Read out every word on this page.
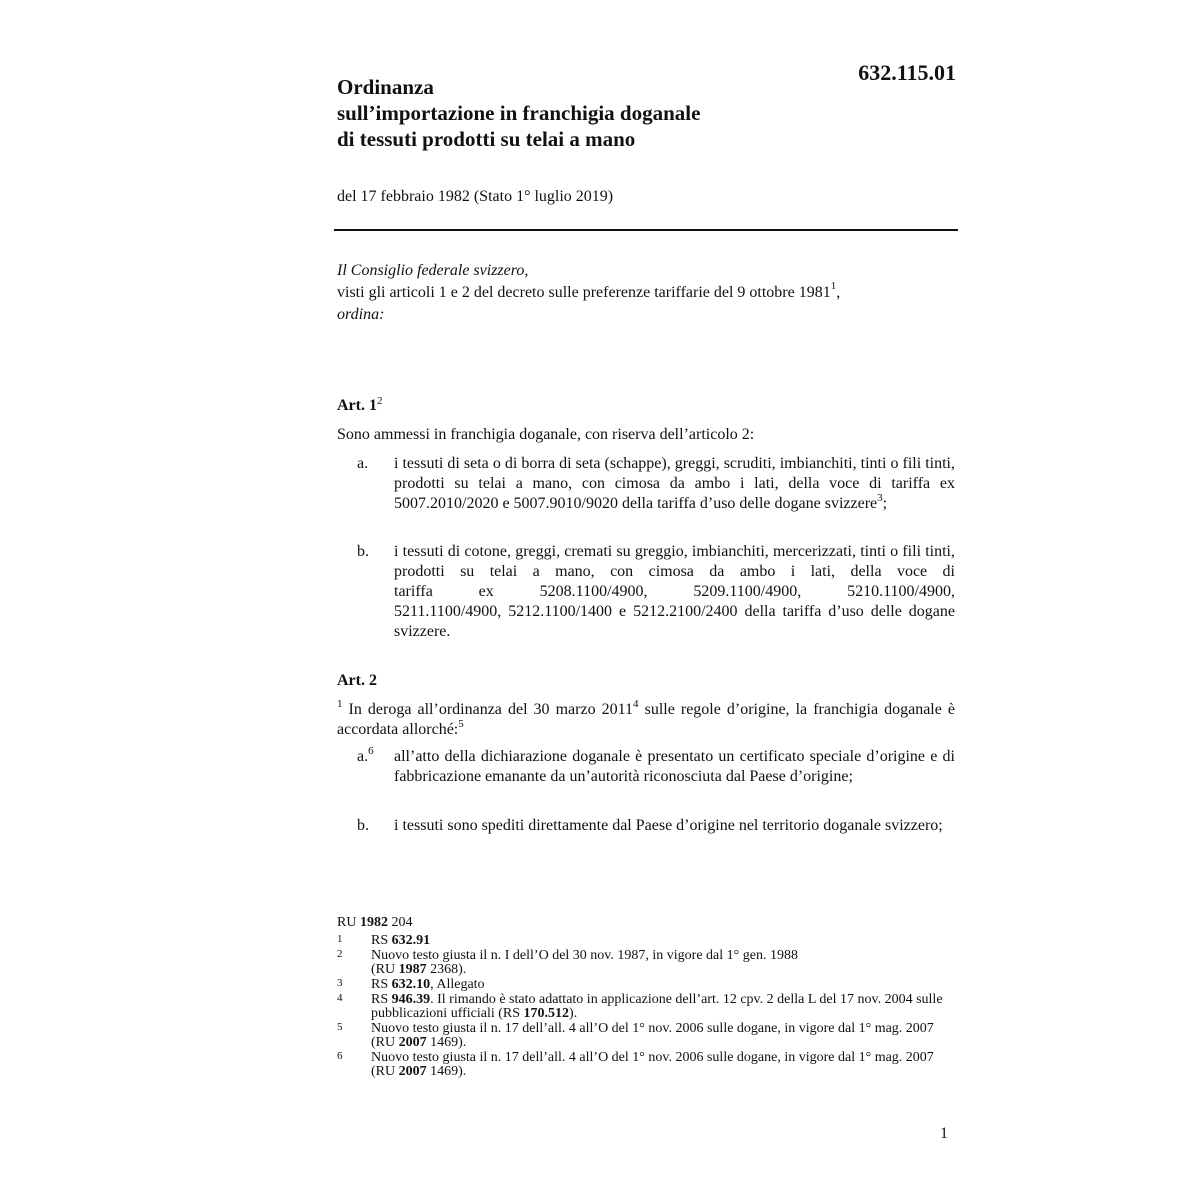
632.115.01
Ordinanza
sull’importazione in franchigia doganale
di tessuti prodotti su telai a mano
del 17 febbraio 1982 (Stato 1° luglio 2019)
Il Consiglio federale svizzero,
visti gli articoli 1 e 2 del decreto sulle preferenze tariffarie del 9 ottobre 1981$^1$,
ordina:
Art. $1^2$
Sono ammessi in franchigia doganale, con riserva dell’articolo 2:
a. i tessuti di seta o di borra di seta (schappe), greggi, scruditi, imbianchiti, tinti o fili tinti, prodotti su telai a mano, con cimosa da ambo i lati, della voce di tariffa ex 5007.2010/2020 e 5007.9010/9020 della tariffa d’uso delle dogane svizzere$^3$;
b. i tessuti di cotone, greggi, cremati su greggio, imbianchiti, mercerizzati, tinti o fili tinti, prodotti su telai a mano, con cimosa da ambo i lati, della voce di
tariffa ex 5208.1100/4900, 5209.1100/4900, 5210.1100/4900,
5211.1100/4900, 5212.1100/1400 e 5212.2100/2400 della tariffa d’uso delle dogane svizzere.
Art. 2
$^1$ In deroga all’ordinanza del 30 marzo 2011$^4$ sulle regole d’origine, la franchigia doganale è accordata allorché:$^5$
a.$^6$ all’atto della dichiarazione doganale è presentato un certificato speciale d’origine e di fabbricazione emanante da un’autorità riconosciuta dal Paese d’origine;
b. i tessuti sono spediti direttamente dal Paese d’origine nel territorio doganale svizzero;
RU 1982 204
1 RS 632.91
2 Nuovo testo giusta il n. I dell’O del 30 nov. 1987, in vigore dal 1° gen. 1988
(RU 1987 2368).
3 RS 632.10, Allegato
4 RS 946.39. Il rimando è stato adattato in applicazione dell’art. 12 cpv. 2 della L del 17 nov. 2004 sulle pubblicazioni ufficiali (RS 170.512).
5 Nuovo testo giusta il n. 17 dell’all. 4 all’O del 1° nov. 2006 sulle dogane, in vigore dal 1° mag. 2007 (RU 2007 1469).
6 Nuovo testo giusta il n. 17 dell’all. 4 all’O del 1° nov. 2006 sulle dogane, in vigore dal 1° mag. 2007 (RU 2007 1469).
1
